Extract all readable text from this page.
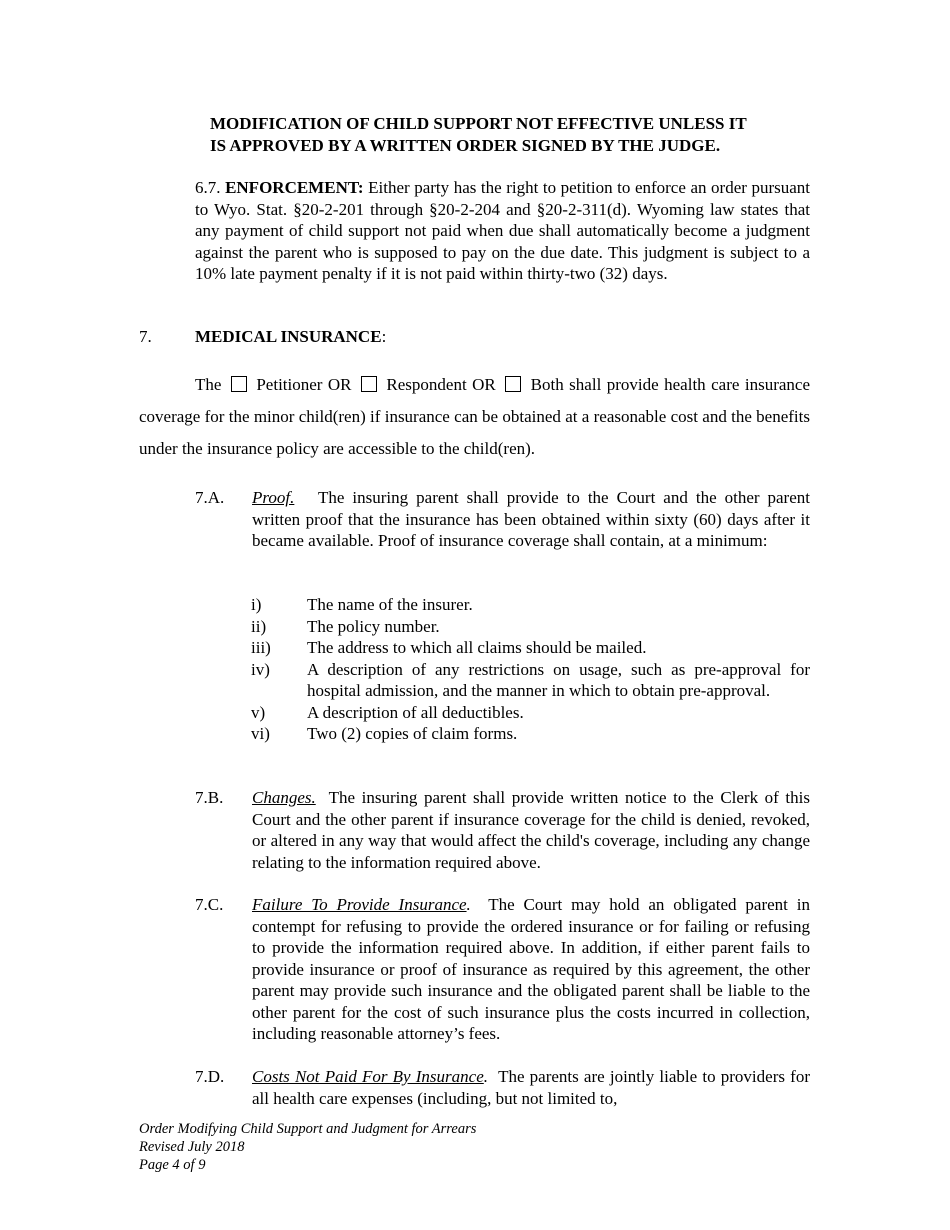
MODIFICATION OF CHILD SUPPORT NOT EFFECTIVE UNLESS IT
IS APPROVED BY A WRITTEN ORDER SIGNED BY THE JUDGE.
6.7. ENFORCEMENT: Either party has the right to petition to enforce an order pursuant to Wyo. Stat. §20-2-201 through §20-2-204 and §20-2-311(d). Wyoming law states that any payment of child support not paid when due shall automatically become a judgment against the parent who is supposed to pay on the due date. This judgment is subject to a 10% late payment penalty if it is not paid within thirty-two (32) days.
7.	MEDICAL INSURANCE:
The Petitioner OR Respondent OR Both shall provide health care insurance coverage for the minor child(ren) if insurance can be obtained at a reasonable cost and the benefits under the insurance policy are accessible to the child(ren).
7.A. Proof. The insuring parent shall provide to the Court and the other parent written proof that the insurance has been obtained within sixty (60) days after it became available. Proof of insurance coverage shall contain, at a minimum:
i)	The name of the insurer.
ii) The policy number.
iii) The address to which all claims should be mailed.
iv) A description of any restrictions on usage, such as pre-approval for hospital admission, and the manner in which to obtain pre-approval.
v) A description of all deductibles.
vi) Two (2) copies of claim forms.
7.B. Changes. The insuring parent shall provide written notice to the Clerk of this Court and the other parent if insurance coverage for the child is denied, revoked, or altered in any way that would affect the child's coverage, including any change relating to the information required above.
7.C. Failure To Provide Insurance. The Court may hold an obligated parent in contempt for refusing to provide the ordered insurance or for failing or refusing to provide the information required above. In addition, if either parent fails to provide insurance or proof of insurance as required by this agreement, the other parent may provide such insurance and the obligated parent shall be liable to the other parent for the cost of such insurance plus the costs incurred in collection, including reasonable attorney’s fees.
7.D. Costs Not Paid For By Insurance. The parents are jointly liable to providers for all health care expenses (including, but not limited to,
Order Modifying Child Support and Judgment for Arrears
Revised July 2018
Page 4 of 9
